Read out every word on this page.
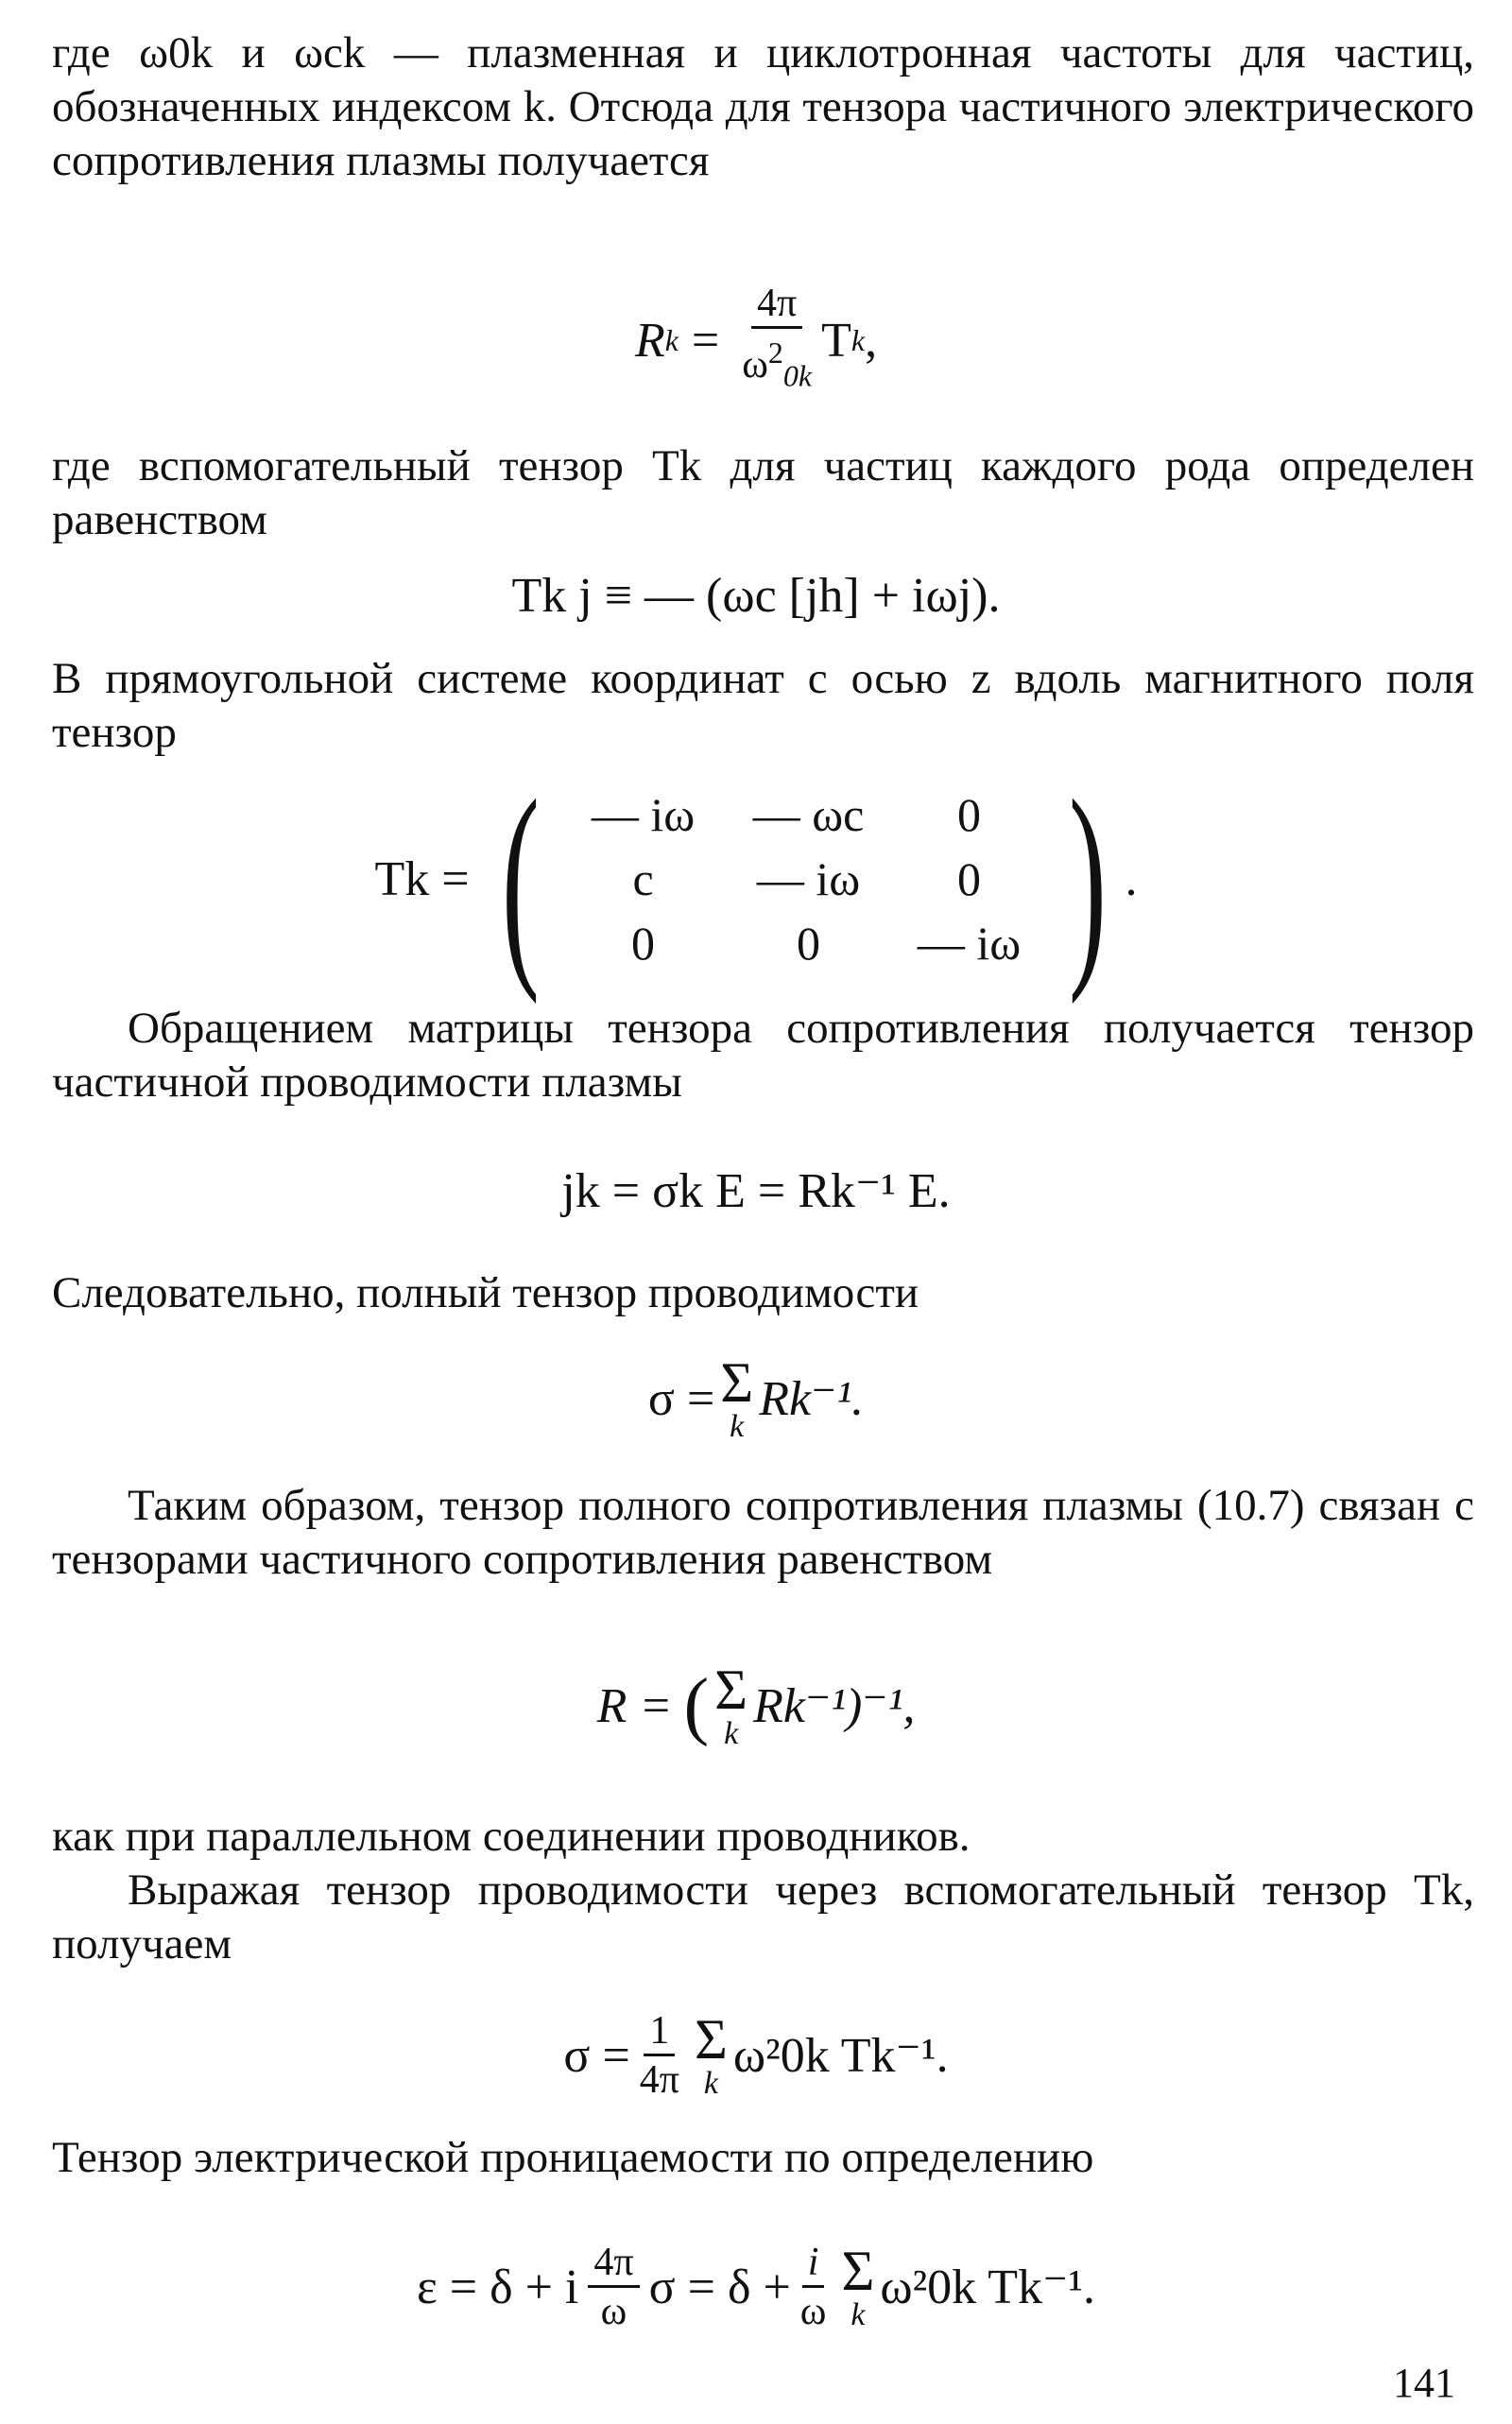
где ω0k и ωck — плазменная и циклотронная частоты для частиц, обозначенных индексом k. Отсюда для тензора частичного электрического сопротивления плазмы получается

R $k = \frac{4\pi}{\omega^2_{0k}}$ T k ,

где вспомогательный тензор Tk для частиц каждого рода определен равенством

Tk j ≡ — (ωc [jh] + iωj).

В прямоугольной системе координат с осью z вдоль магнитного поля тензор

Tk = (	— iω	— ωc	0
c	— iω	0
0	0	— iω ) .

Обращением матрицы тензора сопротивления получается тензор частичной проводимости плазмы

jk = σk E = Rk⁻¹ E.

Следовательно, полный тензор проводимости

σ = Σ
k
Rk⁻¹.

Таким образом, тензор полного сопротивления плазмы (10.7) связан с тензорами частичного сопротивления равенством

R = ( Σ
k
Rk⁻¹)⁻¹,

как при параллельном соединении проводников.

Выражая тензор проводимости через вспомогательный тензор Tk, получаем

$\sigma = \frac{1}{4\pi}$ Σ
k
ω²0k Tk⁻¹.

Тензор электрической проницаемости по определению

ε = δ + i $\frac{4\pi}{\omega}$ $\sigma = \delta + \frac{i}{\omega}$ Σ
k
ω²0k Tk⁻¹.
141
